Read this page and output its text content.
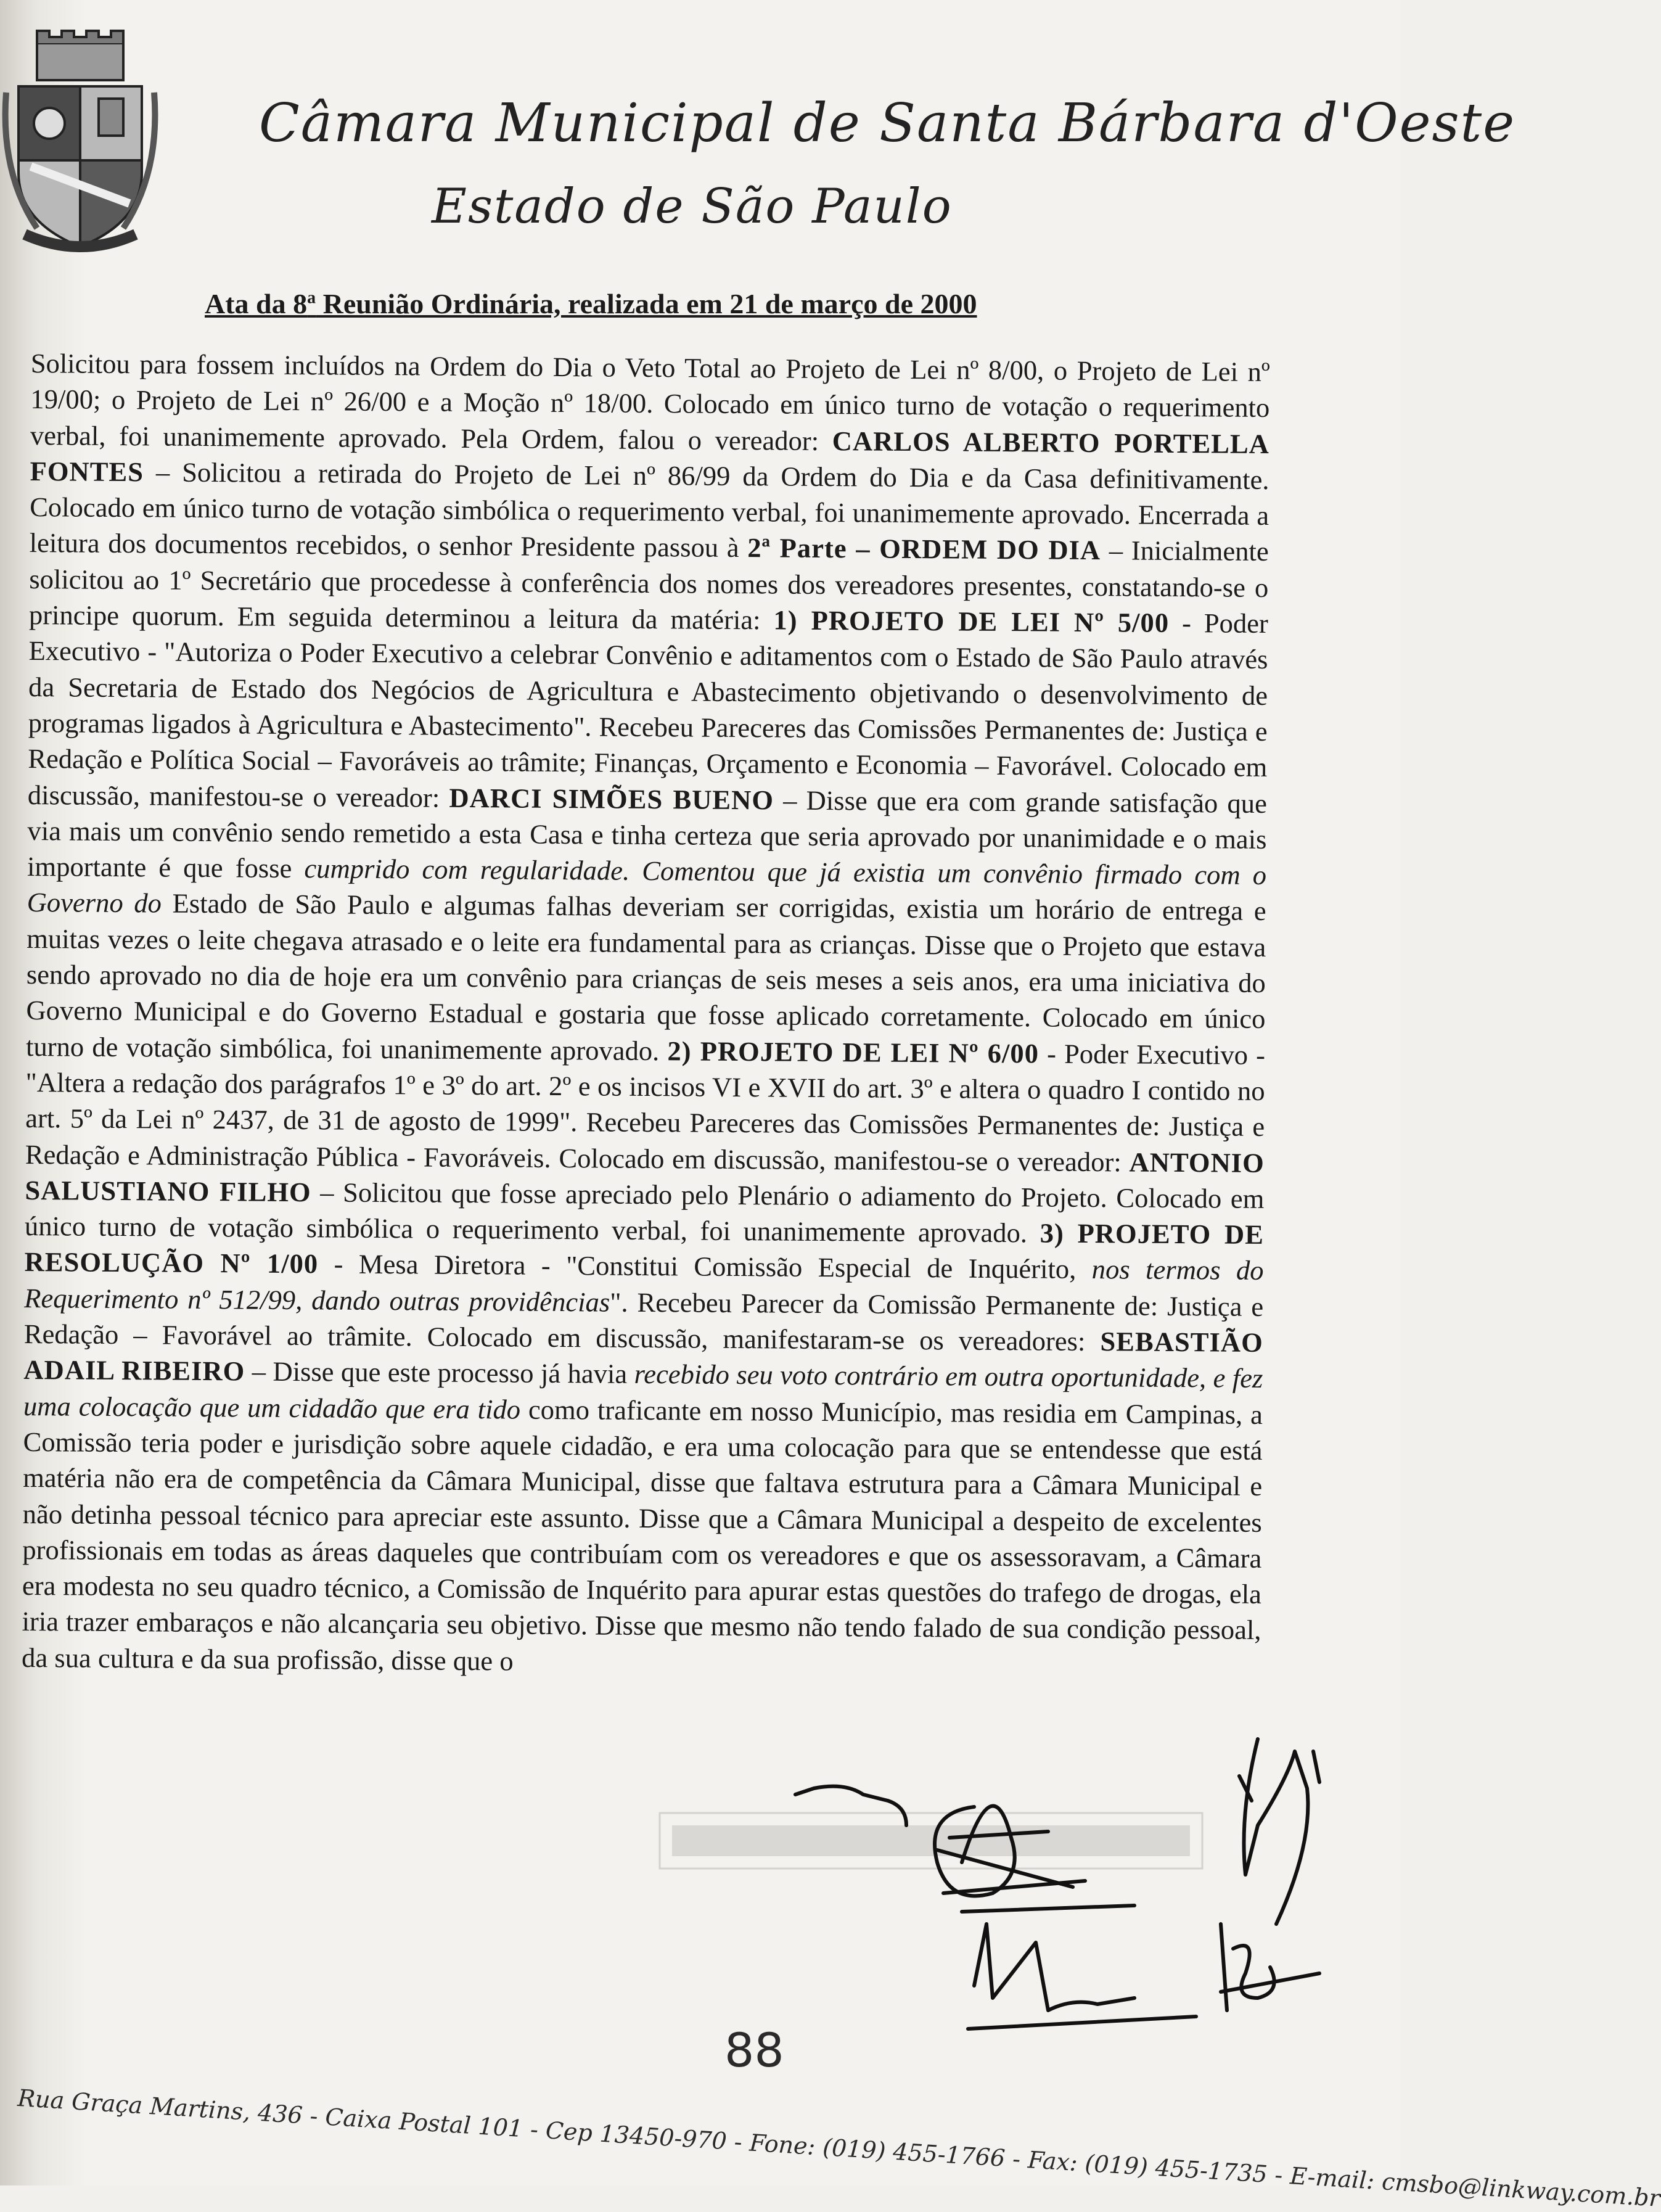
Câmara Municipal de Santa Bárbara d'Oeste
Estado de São Paulo
Ata da 8$^a$ Reunião Ordinária, realizada em 21 de março de 2000
Solicitou para fossem incluídos na Ordem do Dia o Veto Total ao Projeto de Lei nº 8/00, o Projeto de Lei nº 19/00; o Projeto de Lei nº 26/00 e a Moção nº 18/00. Colocado em único turno de votação o requerimento verbal, foi unanimemente aprovado. Pela Ordem, falou o vereador: CARLOS ALBERTO PORTELLA FONTES – Solicitou a retirada do Projeto de Lei nº 86/99 da Ordem do Dia e da Casa definitivamente. Colocado em único turno de votação simbólica o requerimento verbal, foi unanimemente aprovado. Encerrada a leitura dos documentos recebidos, o senhor Presidente passou à 2ª Parte – ORDEM DO DIA – Inicialmente solicitou ao 1º Secretário que procedesse à conferência dos nomes dos vereadores presentes, constatando-se o principe quorum. Em seguida determinou a leitura da matéria: 1) PROJETO DE LEI Nº 5/00 - Poder Executivo - "Autoriza o Poder Executivo a celebrar Convênio e aditamentos com o Estado de São Paulo através da Secretaria de Estado dos Negócios de Agricultura e Abastecimento objetivando o desenvolvimento de programas ligados à Agricultura e Abastecimento". Recebeu Pareceres das Comissões Permanentes de: Justiça e Redação e Política Social – Favoráveis ao trâmite; Finanças, Orçamento e Economia – Favorável. Colocado em discussão, manifestou-se o vereador: DARCI SIMÕES BUENO – Disse que era com grande satisfação que via mais um convênio sendo remetido a esta Casa e tinha certeza que seria aprovado por unanimidade e o mais importante é que fosse cumprido com regularidade. Comentou que já existia um convênio firmado com o Governo do Estado de São Paulo e algumas falhas deveriam ser corrigidas, existia um horário de entrega e muitas vezes o leite chegava atrasado e o leite era fundamental para as crianças. Disse que o Projeto que estava sendo aprovado no dia de hoje era um convênio para crianças de seis meses a seis anos, era uma iniciativa do Governo Municipal e do Governo Estadual e gostaria que fosse aplicado corretamente. Colocado em único turno de votação simbólica, foi unanimemente aprovado. 2) PROJETO DE LEI Nº 6/00 - Poder Executivo - "Altera a redação dos parágrafos 1º e 3º do art. 2º e os incisos VI e XVII do art. 3º e altera o quadro I contido no art. 5º da Lei nº 2437, de 31 de agosto de 1999". Recebeu Pareceres das Comissões Permanentes de: Justiça e Redação e Administração Pública - Favoráveis. Colocado em discussão, manifestou-se o vereador: ANTONIO SALUSTIANO FILHO – Solicitou que fosse apreciado pelo Plenário o adiamento do Projeto. Colocado em único turno de votação simbólica o requerimento verbal, foi unanimemente aprovado. 3) PROJETO DE RESOLUÇÃO Nº 1/00 - Mesa Diretora - "Constitui Comissão Especial de Inquérito, nos termos do Requerimento nº 512/99, dando outras providências". Recebeu Parecer da Comissão Permanente de: Justiça e Redação – Favorável ao trâmite. Colocado em discussão, manifestaram-se os vereadores: SEBASTIÃO ADAIL RIBEIRO – Disse que este processo já havia recebido seu voto contrário em outra oportunidade, e fez uma colocação que um cidadão que era tido como traficante em nosso Município, mas residia em Campinas, a Comissão teria poder e jurisdição sobre aquele cidadão, e era uma colocação para que se entendesse que está matéria não era de competência da Câmara Municipal, disse que faltava estrutura para a Câmara Municipal e não detinha pessoal técnico para apreciar este assunto. Disse que a Câmara Municipal a despeito de excelentes profissionais em todas as áreas daqueles que contribuíam com os vereadores e que os assessoravam, a Câmara era modesta no seu quadro técnico, a Comissão de Inquérito para apurar estas questões do trafego de drogas, ela iria trazer embaraços e não alcançaria seu objetivo. Disse que mesmo não tendo falado de sua condição pessoal, da sua cultura e da sua profissão, disse que o
88
Rua Graça Martins, 436 - Caixa Postal 101 - Cep 13450-970 - Fone: (019) 455-1766 - Fax: (019) 455-1735 - E-mail: cmsbo@linkway.com.br
